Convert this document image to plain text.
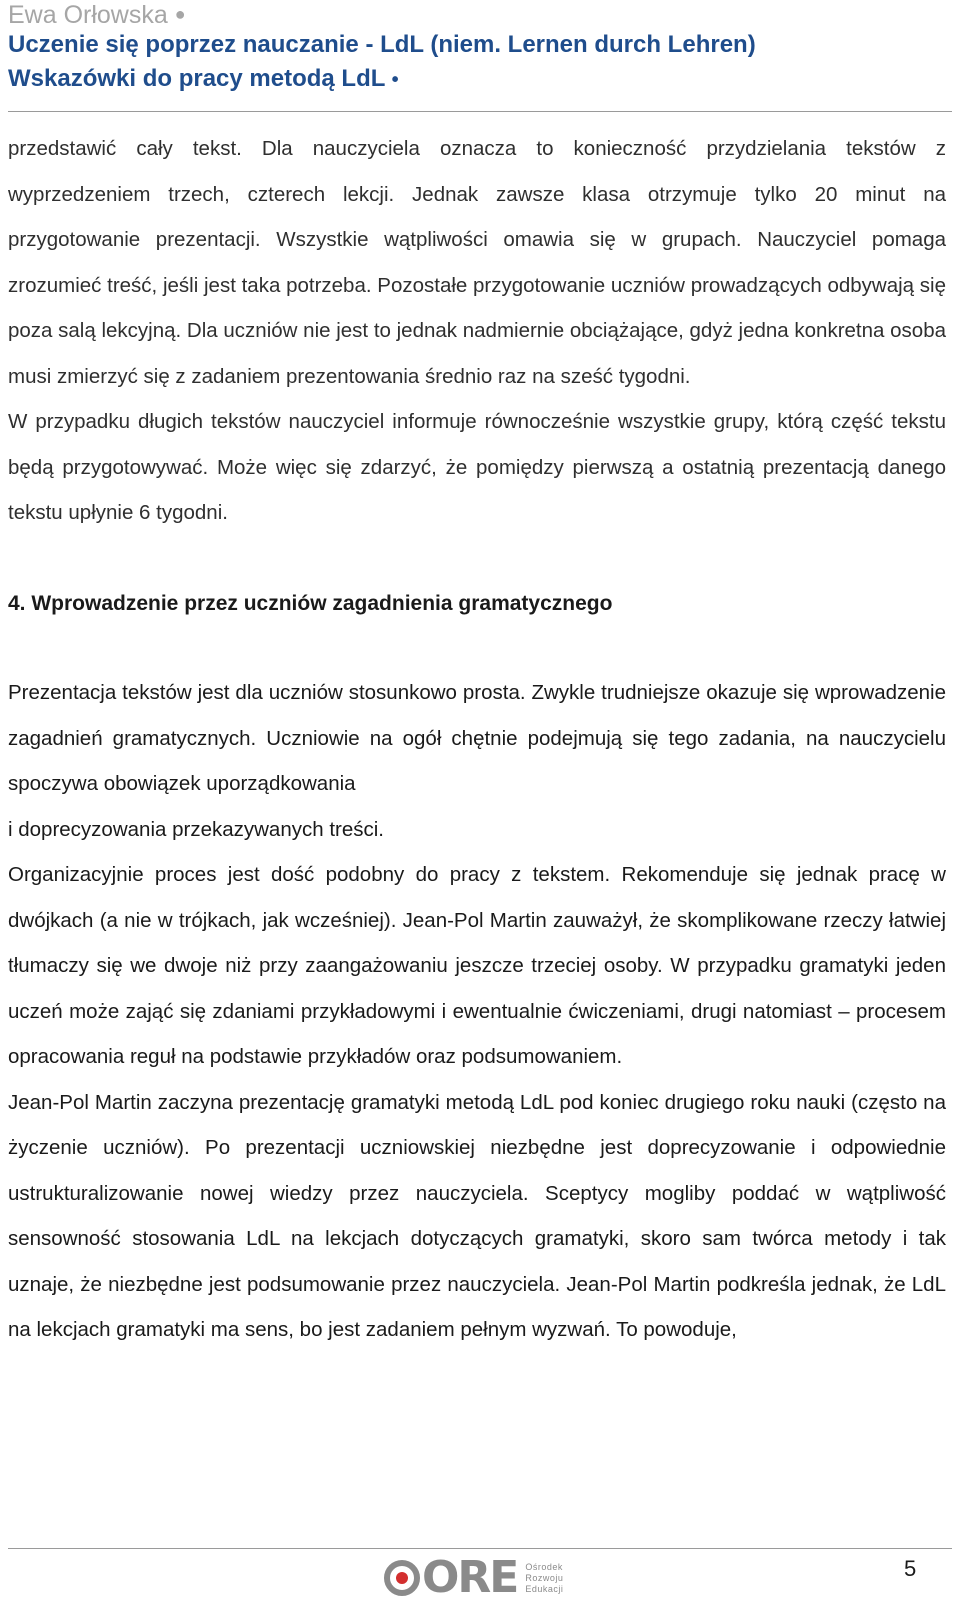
Ewa Orłowska ●
Uczenie się poprzez nauczanie - LdL (niem. Lernen durch Lehren)
Wskazówki do pracy metodą LdL •

przedstawić cały tekst. Dla nauczyciela oznacza to konieczność przydzielania tekstów z wyprzedzeniem trzech, czterech lekcji. Jednak zawsze klasa otrzymuje tylko 20 minut na przygotowanie prezentacji. Wszystkie wątpliwości omawia się w grupach. Nauczyciel pomaga zrozumieć treść, jeśli jest taka potrzeba. Pozostałe przygotowanie uczniów prowadzących odbywają się poza salą lekcyjną. Dla uczniów nie jest to jednak nadmiernie obciążające, gdyż jedna konkretna osoba musi zmierzyć się z zadaniem prezentowania średnio raz na sześć tygodni.

W przypadku długich tekstów nauczyciel informuje równocześnie wszystkie grupy, którą część tekstu będą przygotowywać. Może więc się zdarzyć, że pomiędzy pierwszą a ostatnią prezentacją danego tekstu upłynie 6 tygodni.

4. Wprowadzenie przez uczniów zagadnienia gramatycznego

Prezentacja tekstów jest dla uczniów stosunkowo prosta. Zwykle trudniejsze okazuje się wprowadzenie zagadnień gramatycznych. Uczniowie na ogół chętnie podejmują się tego zadania, na nauczycielu spoczywa obowiązek uporządkowania

i doprecyzowania przekazywanych treści.

Organizacyjnie proces jest dość podobny do pracy z tekstem. Rekomenduje się jednak pracę w dwójkach (a nie w trójkach, jak wcześniej). Jean-Pol Martin zauważył, że skomplikowane rzeczy łatwiej tłumaczy się we dwoje niż przy zaangażowaniu jeszcze trzeciej osoby. W przypadku gramatyki jeden uczeń może zająć się zdaniami przykładowymi i ewentualnie ćwiczeniami, drugi natomiast – procesem opracowania reguł na podstawie przykładów oraz podsumowaniem.

Jean-Pol Martin zaczyna prezentację gramatyki metodą LdL pod koniec drugiego roku nauki (często na życzenie uczniów). Po prezentacji uczniowskiej niezbędne jest doprecyzowanie i odpowiednie ustrukturalizowanie nowej wiedzy przez nauczyciela. Sceptycy mogliby poddać w wątpliwość sensowność stosowania LdL na lekcjach dotyczących gramatyki, skoro sam twórca metody i tak uznaje, że niezbędne jest podsumowanie przez nauczyciela. Jean-Pol Martin podkreśla jednak, że LdL na lekcjach gramatyki ma sens, bo jest zadaniem pełnym wyzwań. To powoduje,

ORE Ośrodek
Rozwoju
Edukacji
5
